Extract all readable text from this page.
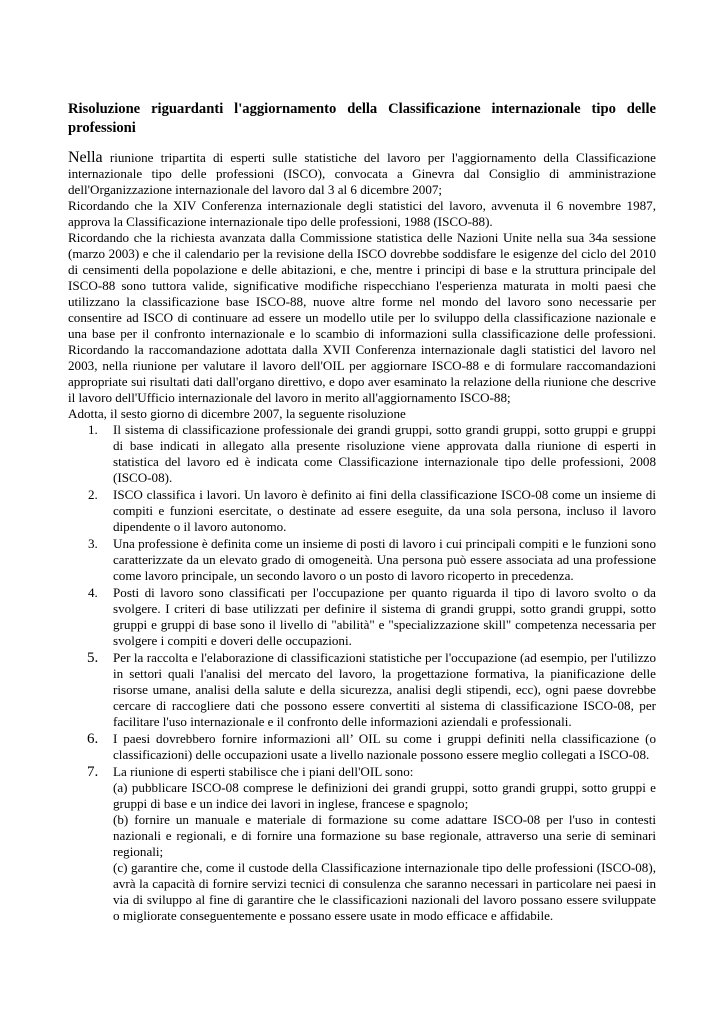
Risoluzione riguardanti l'aggiornamento della Classificazione internazionale tipo delle professioni

Nella riunione tripartita di esperti sulle statistiche del lavoro per l'aggiornamento della Classificazione internazionale tipo delle professioni (ISCO), convocata a Ginevra dal Consiglio di amministrazione dell'Organizzazione internazionale del lavoro dal 3 al 6 dicembre 2007;

Ricordando che la XIV Conferenza internazionale degli statistici del lavoro, avvenuta il 6 novembre 1987, approva la Classificazione internazionale tipo delle professioni, 1988 (ISCO-88).

Ricordando che la richiesta avanzata dalla Commissione statistica delle Nazioni Unite nella sua 34a sessione (marzo 2003) e che il calendario per la revisione della ISCO dovrebbe soddisfare le esigenze del ciclo del 2010 di censimenti della popolazione e delle abitazioni, e che, mentre i principi di base e la struttura principale del ISCO-88 sono tuttora valide, significative modifiche rispecchiano l'esperienza maturata in molti paesi che utilizzano la classificazione base ISCO-88, nuove altre forme nel mondo del lavoro sono necessarie per consentire ad ISCO di continuare ad essere un modello utile per lo sviluppo della classificazione nazionale e una base per il confronto internazionale e lo scambio di informazioni sulla classificazione delle professioni. Ricordando la raccomandazione adottata dalla XVII Conferenza internazionale dagli statistici del lavoro nel 2003, nella riunione per valutare il lavoro dell'OIL per aggiornare ISCO-88 e di formulare raccomandazioni appropriate sui risultati dati dall'organo direttivo, e dopo aver esaminato la relazione della riunione che descrive il lavoro dell'Ufficio internazionale del lavoro in merito all'aggiornamento ISCO-88;

Adotta, il sesto giorno di dicembre 2007, la seguente risoluzione

1.	Il sistema di classificazione professionale dei grandi gruppi, sotto grandi gruppi, sotto gruppi e gruppi di base indicati in allegato alla presente risoluzione viene approvata dalla riunione di esperti in statistica del lavoro ed è indicata come Classificazione internazionale tipo delle professioni, 2008 (ISCO-08).
2.	ISCO classifica i lavori. Un lavoro è definito ai fini della classificazione ISCO-08 come un insieme di compiti e funzioni esercitate, o destinate ad essere eseguite, da una sola persona, incluso il lavoro dipendente o il lavoro autonomo.
3.	Una professione è definita come un insieme di posti di lavoro i cui principali compiti e le funzioni sono caratterizzate da un elevato grado di omogeneità. Una persona può essere associata ad una professione come lavoro principale, un secondo lavoro o un posto di lavoro ricoperto in precedenza.
4.	Posti di lavoro sono classificati per l'occupazione per quanto riguarda il tipo di lavoro svolto o da svolgere. I criteri di base utilizzati per definire il sistema di grandi gruppi, sotto grandi gruppi, sotto gruppi e gruppi di base sono il livello di "abilità" e "specializzazione skill" competenza necessaria per svolgere i compiti e doveri delle occupazioni.
5.	Per la raccolta e l'elaborazione di classificazioni statistiche per l'occupazione (ad esempio, per l'utilizzo in settori quali l'analisi del mercato del lavoro, la progettazione formativa, la pianificazione delle risorse umane, analisi della salute e della sicurezza, analisi degli stipendi, ecc), ogni paese dovrebbe cercare di raccogliere dati che possono essere convertiti al sistema di classificazione ISCO-08, per facilitare l'uso internazionale e il confronto delle informazioni aziendali e professionali.
6.	I paesi dovrebbero fornire informazioni all’ OIL su come i gruppi definiti nella classificazione (o classificazioni) delle occupazioni usate a livello nazionale possono essere meglio collegati a ISCO-08.
7.	La riunione di esperti stabilisce che i piani dell'OIL sono:

(a) pubblicare ISCO-08 comprese le definizioni dei grandi gruppi, sotto grandi gruppi, sotto gruppi e gruppi di base e un indice dei lavori in inglese, francese e spagnolo;

(b) fornire un manuale e materiale di formazione su come adattare ISCO-08 per l'uso in contesti nazionali e regionali, e di fornire una formazione su base regionale, attraverso una serie di seminari regionali;

(c) garantire che, come il custode della Classificazione internazionale tipo delle professioni (ISCO-08), avrà la capacità di fornire servizi tecnici di consulenza che saranno necessari in particolare nei paesi in via di sviluppo al fine di garantire che le classificazioni nazionali del lavoro possano essere sviluppate o migliorate conseguentemente e possano essere usate in modo efficace e affidabile.
